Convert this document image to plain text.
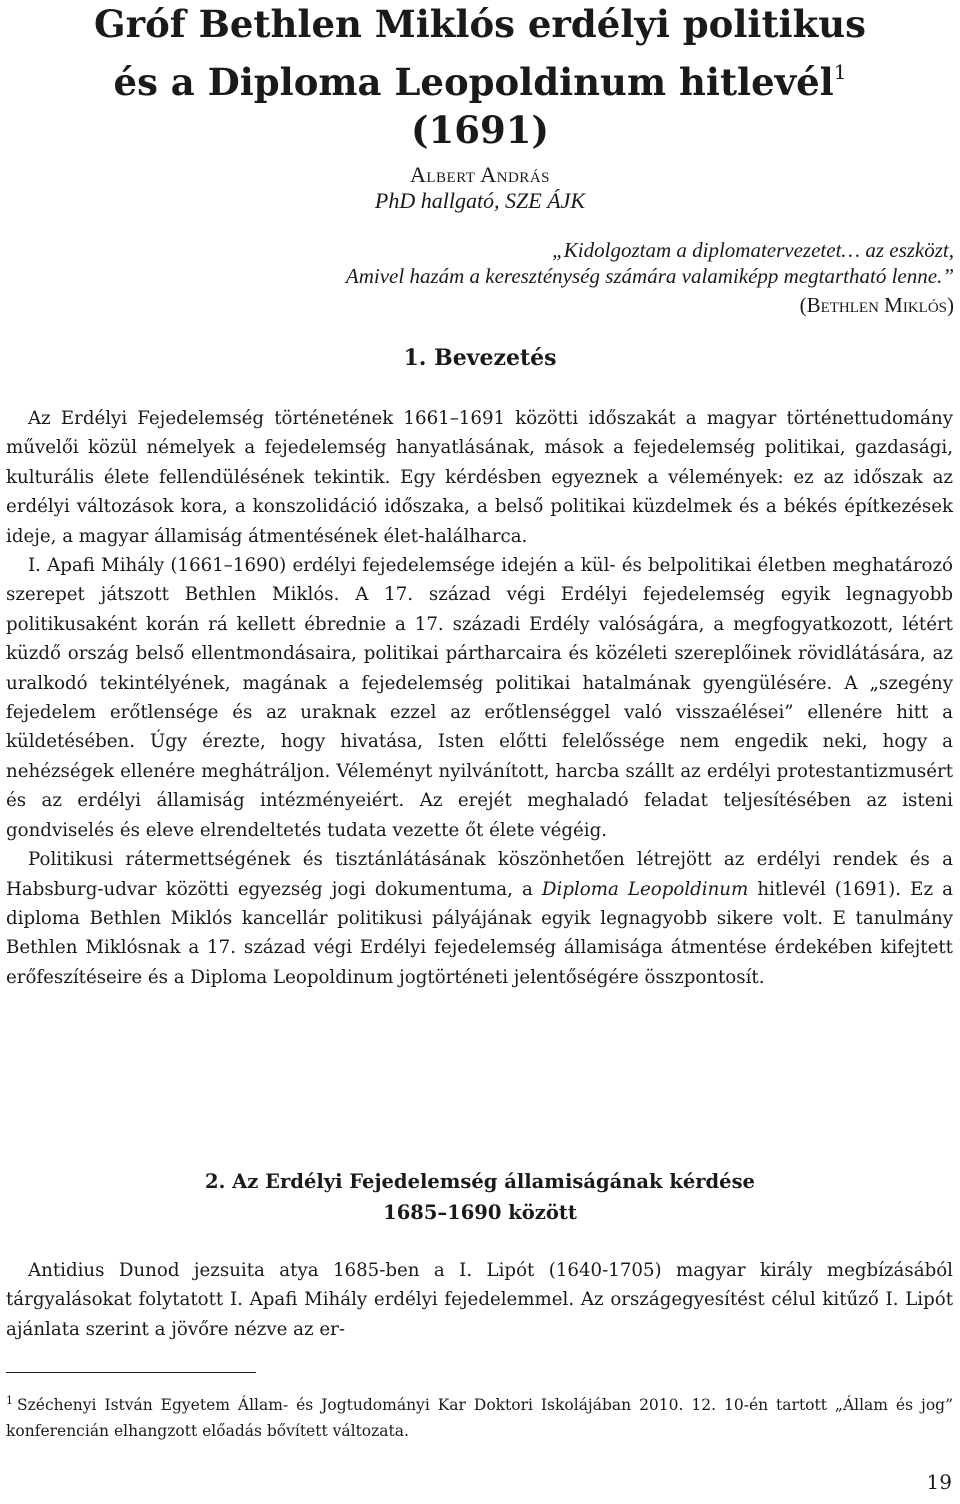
Gróf Bethlen Miklós erdélyi politikus
és a Diploma Leopoldinum hitlevél$^1$
(1691)
Albert András
PhD hallgató, SZE ÁJK
„Kidolgoztam a diplomatervezetet… az eszközt,
Amivel hazám a kereszténység számára valamiképp megtartható lenne.”
(Bethlen Miklós)
1. Bevezetés

Az Erdélyi Fejedelemség történetének 1661–1691 közötti időszakát a magyar történettudomány művelői közül némelyek a fejedelemség hanyatlásának, mások a fejedelemség politikai, gazdasági, kulturális élete fellendülésének tekintik. Egy kérdésben egyeznek a vélemények: ez az időszak az erdélyi változások kora, a konszolidáció időszaka, a belső politikai küzdelmek és a békés építkezések ideje, a magyar államiság átmentésének élet-halálharca.

I. Apafi Mihály (1661–1690) erdélyi fejedelemsége idején a kül- és belpolitikai életben meghatározó szerepet játszott Bethlen Miklós. A 17. század végi Erdélyi fejedelemség egyik legnagyobb politikusaként korán rá kellett ébrednie a 17. századi Erdély valóságára, a megfogyatkozott, létért küzdő ország belső ellentmondásaira, politikai pártharcaira és közéleti szereplőinek rövidlátására, az uralkodó tekintélyének, magának a fejedelemség politikai hatalmának gyengülésére. A „szegény fejedelem erőtlensége és az uraknak ezzel az erőtlenséggel való visszaélései” ellenére hitt a küldetésében. Úgy érezte, hogy hivatása, Isten előtti felelőssége nem engedik neki, hogy a nehézségek ellenére meghátráljon. Véleményt nyilvánított, harcba szállt az erdélyi protestantizmusért és az erdélyi államiság intézményeiért. Az erejét meghaladó feladat teljesítésében az isteni gondviselés és eleve elrendeltetés tudata vezette őt élete végéig.

Politikusi rátermettségének és tisztánlátásának köszönhetően létrejött az erdélyi rendek és a Habsburg-udvar közötti egyezség jogi dokumentuma, a Diploma Leopoldinum hitlevél (1691). Ez a diploma Bethlen Miklós kancellár politikusi pályájának egyik legnagyobb sikere volt. E tanulmány Bethlen Miklósnak a 17. század végi Erdélyi fejedelemség államisága átmentése érdekében kifejtett erőfeszítéseire és a Diploma Leopoldinum jogtörténeti jelentőségére összpontosít.

2. Az Erdélyi Fejedelemség államiságának kérdése
1685–1690 között

Antidius Dunod jezsuita atya 1685-ben a I. Lipót (1640-1705) magyar király megbízásából tárgyalásokat folytatott I. Apafi Mihály erdélyi fejedelemmel. Az országegyesítést célul kitűző I. Lipót ajánlata szerint a jövőre nézve az er-

$^1$ Széchenyi István Egyetem Állam- és Jogtudományi Kar Doktori Iskolájában 2010. 12. 10-én tartott „Állam és jog” konferencián elhangzott előadás bővített változata.

19
